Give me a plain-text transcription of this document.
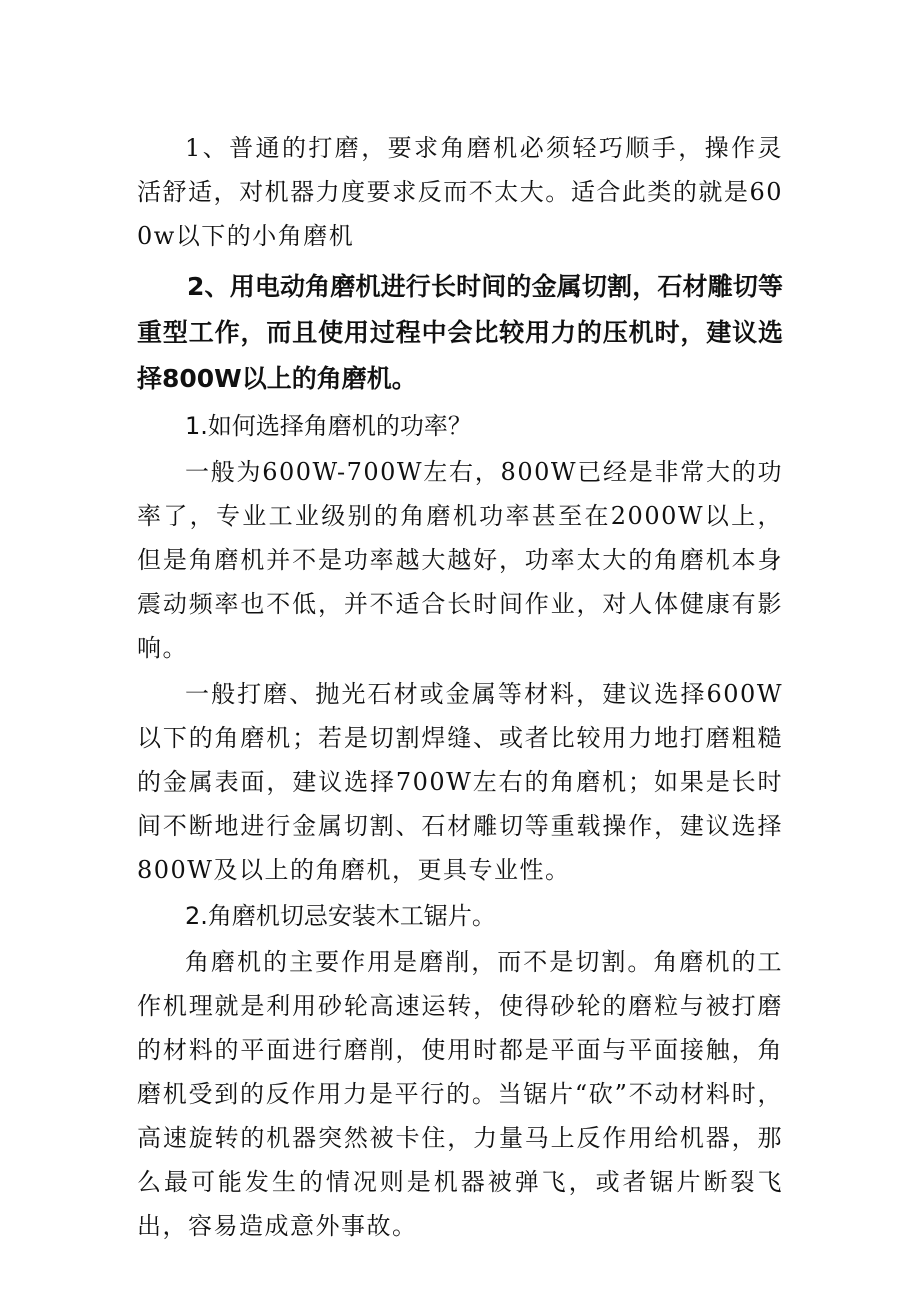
1、普通的打磨，要求角磨机必须轻巧顺手，操作灵活舒适，对机器力度要求反而不太大。适合此类的就是600w以下的小角磨机

2、用电动角磨机进行长时间的金属切割，石材雕切等重型工作，而且使用过程中会比较用力的压机时，建议选择800W以上的角磨机。

1.如何选择角磨机的功率？

一般为600W-700W左右，800W已经是非常大的功率了，专业工业级别的角磨机功率甚至在2000W以上，但是角磨机并不是功率越大越好，功率太大的角磨机本身震动频率也不低，并不适合长时间作业，对人体健康有影响。

一般打磨、抛光石材或金属等材料，建议选择600W以下的角磨机；若是切割焊缝、或者比较用力地打磨粗糙的金属表面，建议选择700W左右的角磨机；如果是长时间不断地进行金属切割、石材雕切等重载操作，建议选择800W及以上的角磨机，更具专业性。

2.角磨机切忌安装木工锯片。

角磨机的主要作用是磨削，而不是切割。角磨机的工作机理就是利用砂轮高速运转，使得砂轮的磨粒与被打磨的材料的平面进行磨削，使用时都是平面与平面接触，角磨机受到的反作用力是平行的。当锯片“砍”不动材料时，高速旋转的机器突然被卡住，力量马上反作用给机器，那么最可能发生的情况则是机器被弹飞，或者锯片断裂飞出，容易造成意外事故。
